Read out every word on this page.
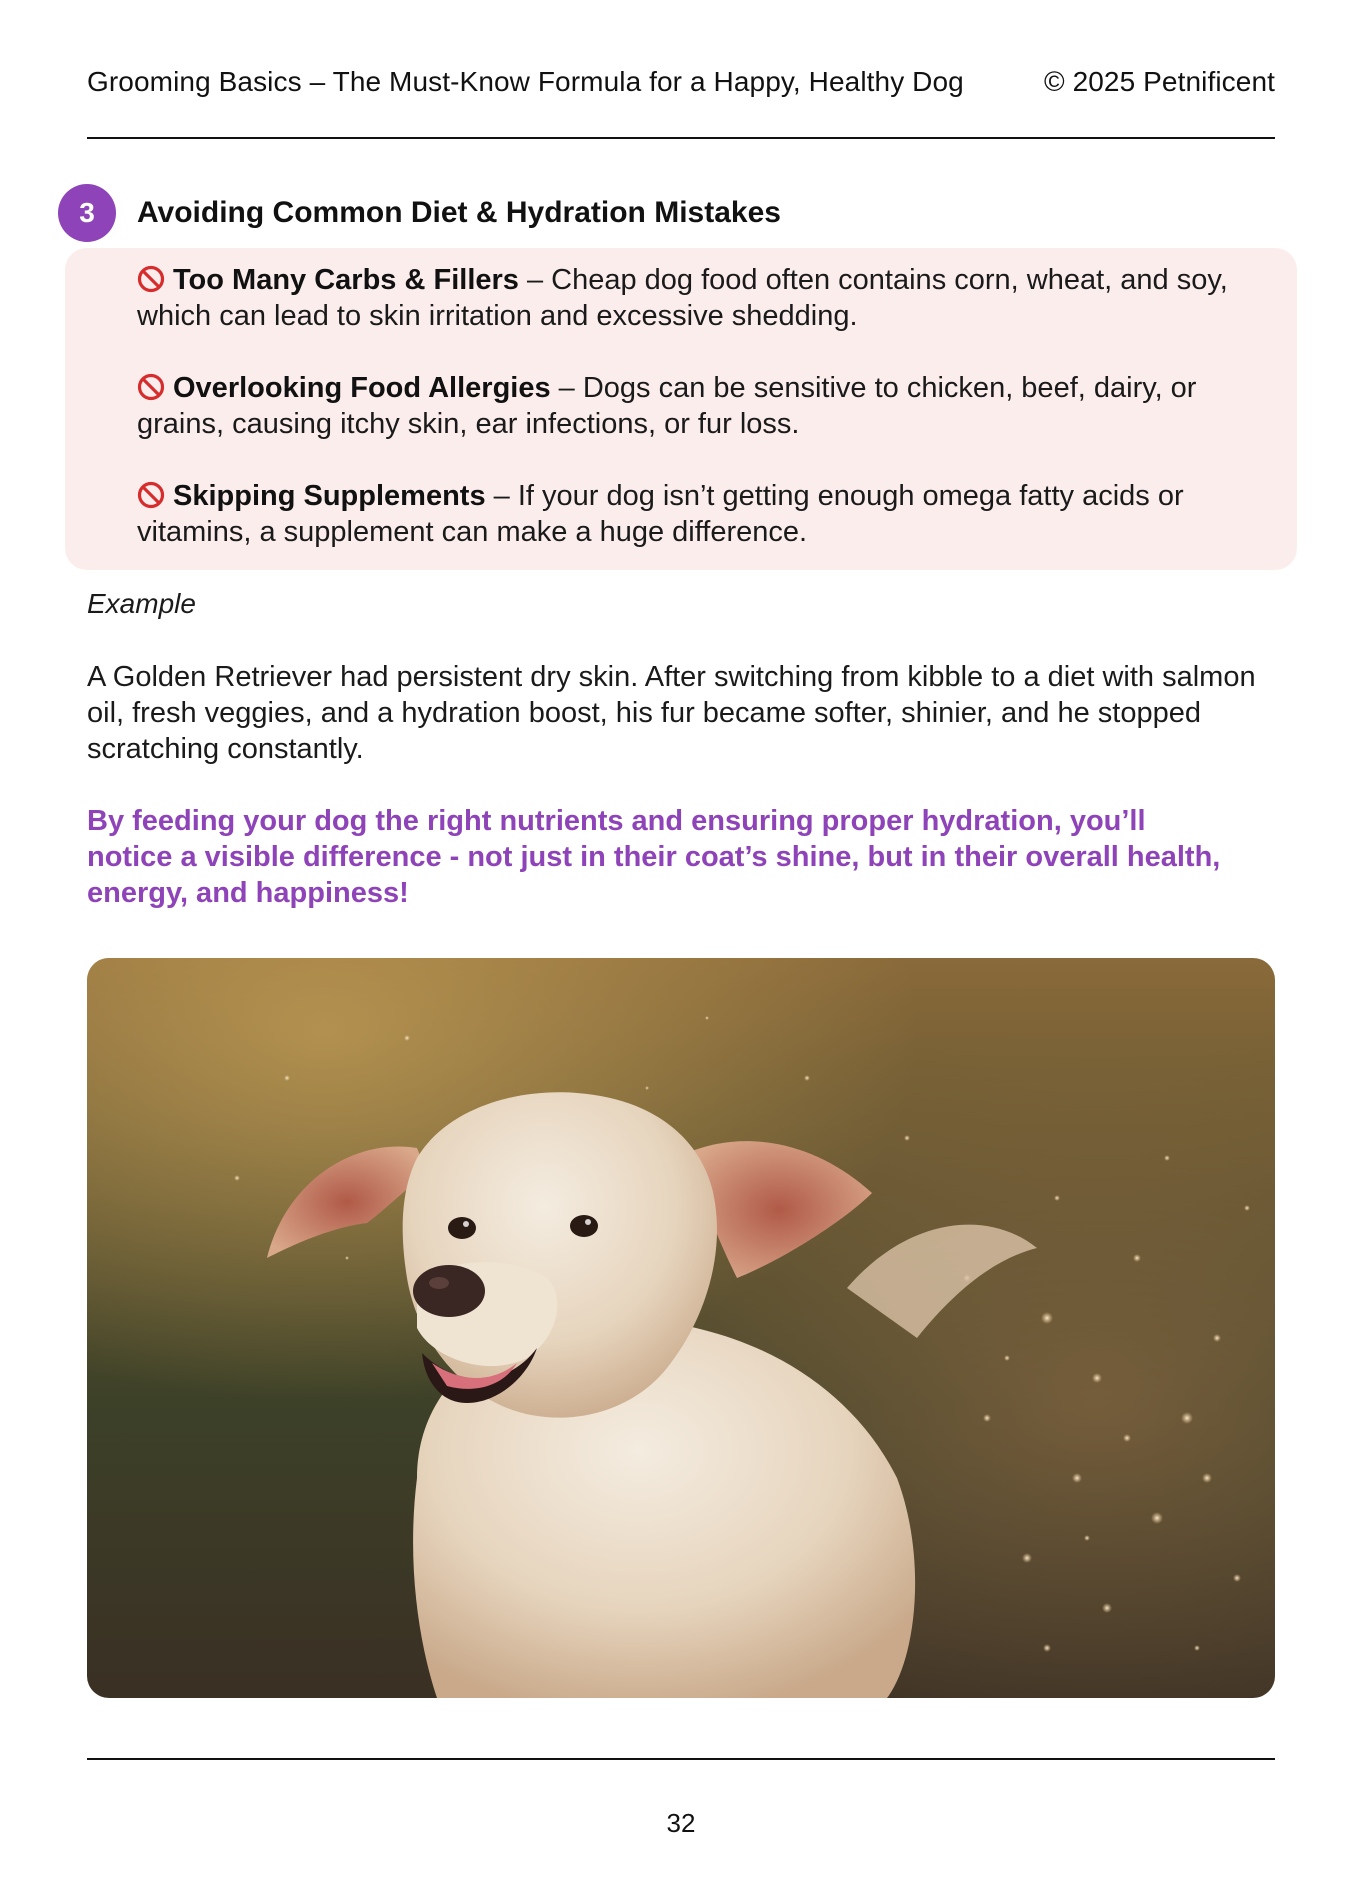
Grooming Basics – The Must-Know Formula for a Happy, Healthy Dog	© 2025 Petnificent
3	Avoiding Common Diet & Hydration Mistakes
Too Many Carbs & Fillers – Cheap dog food often contains corn, wheat, and soy, which can lead to skin irritation and excessive shedding.
Overlooking Food Allergies – Dogs can be sensitive to chicken, beef, dairy, or grains, causing itchy skin, ear infections, or fur loss.
Skipping Supplements – If your dog isn’t getting enough omega fatty acids or vitamins, a supplement can make a huge difference.
Example
A Golden Retriever had persistent dry skin. After switching from kibble to a diet with salmon oil, fresh veggies, and a hydration boost, his fur became softer, shinier, and he stopped scratching constantly.
By feeding your dog the right nutrients and ensuring proper hydration, you’ll notice a visible difference - not just in their coat’s shine, but in their overall health, energy, and happiness!
32
